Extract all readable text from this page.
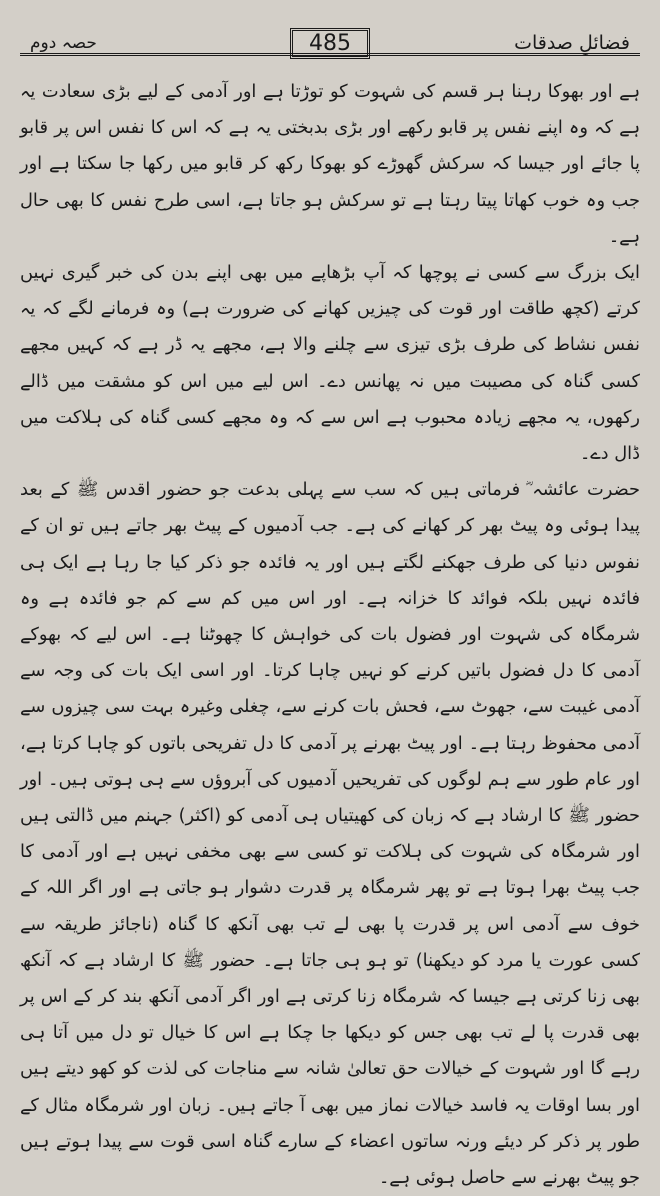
فضائلِ صدقات
485
حصہ دوم

ہے اور بھوکا رہنا ہر قسم کی شہوت کو توڑتا ہے اور آدمی کے لیے بڑی سعادت یہ ہے کہ وہ اپنے نفس پر قابو رکھے اور بڑی بدبختی یہ ہے کہ اس کا نفس اس پر قابو پا جائے اور جیسا کہ سرکش گھوڑے کو بھوکا رکھ کر قابو میں رکھا جا سکتا ہے اور جب وہ خوب کھاتا پیتا رہتا ہے تو سرکش ہو جاتا ہے، اسی طرح نفس کا بھی حال ہے۔

ایک بزرگ سے کسی نے پوچھا کہ آپ بڑھاپے میں بھی اپنے بدن کی خبر گیری نہیں کرتے (کچھ طاقت اور قوت کی چیزیں کھانے کی ضرورت ہے) وہ فرمانے لگے کہ یہ نفس نشاط کی طرف بڑی تیزی سے چلنے والا ہے، مجھے یہ ڈر ہے کہ کہیں مجھے کسی گناہ کی مصیبت میں نہ پھانس دے۔ اس لیے میں اس کو مشقت میں ڈالے رکھوں، یہ مجھے زیادہ محبوب ہے اس سے کہ وہ مجھے کسی گناہ کی ہلاکت میں ڈال دے۔

حضرت عائشہ ؓ فرماتی ہیں کہ سب سے پہلی بدعت جو حضور اقدس ﷺ کے بعد پیدا ہوئی وہ پیٹ بھر کر کھانے کی ہے۔ جب آدمیوں کے پیٹ بھر جاتے ہیں تو ان کے نفوس دنیا کی طرف جھکنے لگتے ہیں اور یہ فائدہ جو ذکر کیا جا رہا ہے ایک ہی فائدہ نہیں بلکہ فوائد کا خزانہ ہے۔ اور اس میں کم سے کم جو فائدہ ہے وہ شرمگاہ کی شہوت اور فضول بات کی خواہش کا چھوٹنا ہے۔ اس لیے کہ بھوکے آدمی کا دل فضول باتیں کرنے کو نہیں چاہا کرتا۔ اور اسی ایک بات کی وجہ سے آدمی غیبت سے، جھوٹ سے، فحش بات کرنے سے، چغلی وغیرہ بہت سی چیزوں سے آدمی محفوظ رہتا ہے۔ اور پیٹ بھرنے پر آدمی کا دل تفریحی باتوں کو چاہا کرتا ہے، اور عام طور سے ہم لوگوں کی تفریحیں آدمیوں کی آبروؤں سے ہی ہوتی ہیں۔ اور حضور ﷺ کا ارشاد ہے کہ زبان کی کھیتیاں ہی آدمی کو (اکثر) جہنم میں ڈالتی ہیں اور شرمگاہ کی شہوت کی ہلاکت تو کسی سے بھی مخفی نہیں ہے اور آدمی کا جب پیٹ بھرا ہوتا ہے تو پھر شرمگاہ پر قدرت دشوار ہو جاتی ہے اور اگر اللہ کے خوف سے آدمی اس پر قدرت پا بھی لے تب بھی آنکھ کا گناہ (ناجائز طریقہ سے کسی عورت یا مرد کو دیکھنا) تو ہو ہی جاتا ہے۔ حضور ﷺ کا ارشاد ہے کہ آنکھ بھی زنا کرتی ہے جیسا کہ شرمگاہ زنا کرتی ہے اور اگر آدمی آنکھ بند کر کے اس پر بھی قدرت پا لے تب بھی جس کو دیکھا جا چکا ہے اس کا خیال تو دل میں آتا ہی رہے گا اور شہوت کے خیالات حق تعالیٰ شانہ سے مناجات کی لذت کو کھو دیتے ہیں اور بسا اوقات یہ فاسد خیالات نماز میں بھی آ جاتے ہیں۔ زبان اور شرمگاہ مثال کے طور پر ذکر کر دیئے ورنہ ساتوں اعضاء کے سارے گناہ اسی قوت سے پیدا ہوتے ہیں جو پیٹ بھرنے سے حاصل ہوئی ہے۔
